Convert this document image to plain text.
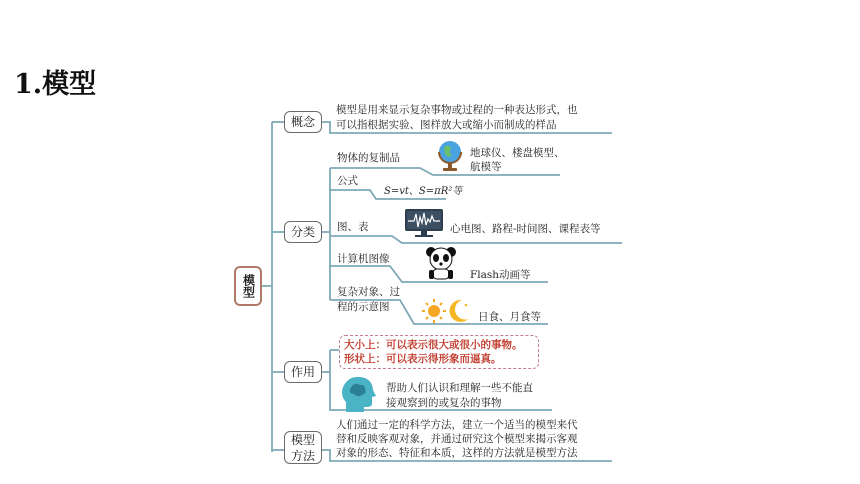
1.模型
模型
概念
模型是用来显示复杂事物或过程的一种表达形式，也
可以指根据实验、图样放大或缩小而制成的样品
分类
物体的复制品	地球仪、楼盘模型、
航模等
公式
S=vt、S=πR²等
图、表	心电图、路程-时间图、课程表等
计算机图像
Flash动画等
复杂对象、过
程的示意图
日食、月食等
作用
大小上：可以表示很大或很小的事物。
形状上：可以表示得形象而逼真。
帮助人们认识和理解一些不能直
接观察到的或复杂的事物
模型
方法
人们通过一定的科学方法，建立一个适当的模型来代
替和反映客观对象，并通过研究这个模型来揭示客观
对象的形态、特征和本质，这样的方法就是模型方法
